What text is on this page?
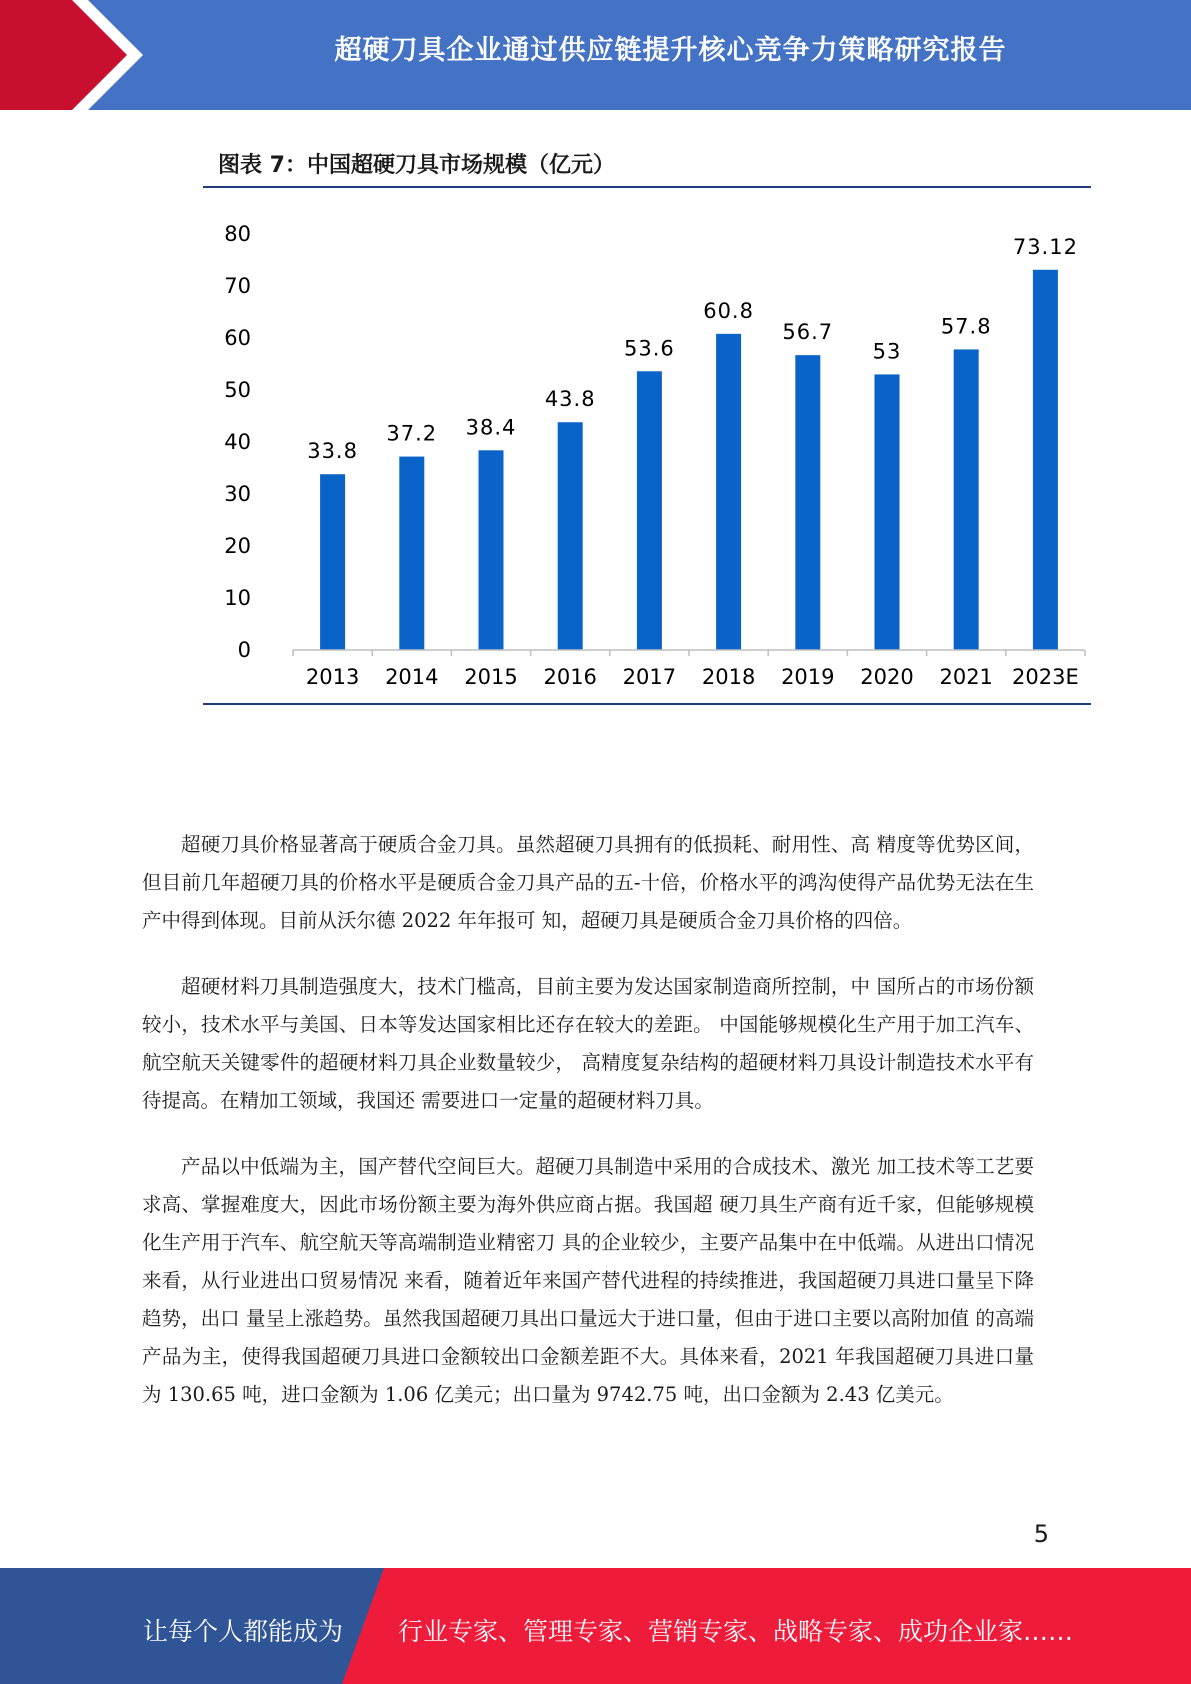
超硬刀具企业通过供应链提升核心竞争力策略研究报告
图表 7：中国超硬刀具市场规模（亿元）
0
10
20
30
40
50
60
70
80
33.8
37.2 38.4
43.8
53.6
60.8
56.7
53
57.8
73.12
2013 2014 2015 2016 2017 2018 2019 2020 2021 2023E

超硬刀具价格显著高于硬质合金刀具。虽然超硬刀具拥有的低损耗、耐用性、高 精度等优势区间，但目前几年超硬刀具的价格水平是硬质合金刀具产品的五-十倍，价格水平的鸿沟使得产品优势无法在生产中得到体现。目前从沃尔德 2022 年年报可 知，超硬刀具是硬质合金刀具价格的四倍。

超硬材料刀具制造强度大，技术门槛高，目前主要为发达国家制造商所控制，中 国所占的市场份额较小，技术水平与美国、日本等发达国家相比还存在较大的差距。 中国能够规模化生产用于加工汽车、航空航天关键零件的超硬材料刀具企业数量较少， 高精度复杂结构的超硬材料刀具设计制造技术水平有待提高。在精加工领域，我国还 需要进口一定量的超硬材料刀具。

产品以中低端为主，国产替代空间巨大。超硬刀具制造中采用的合成技术、激光 加工技术等工艺要求高、掌握难度大，因此市场份额主要为海外供应商占据。我国超 硬刀具生产商有近千家，但能够规模化生产用于汽车、航空航天等高端制造业精密刀 具的企业较少，主要产品集中在中低端。从进出口情况来看，从行业进出口贸易情况 来看，随着近年来国产替代进程的持续推进，我国超硬刀具进口量呈下降趋势，出口 量呈上涨趋势。虽然我国超硬刀具出口量远大于进口量，但由于进口主要以高附加值 的高端产品为主，使得我国超硬刀具进口金额较出口金额差距不大。具体来看，2021 年我国超硬刀具进口量为 130.65 吨，进口金额为 1.06 亿美元；出口量为 9742.75 吨，出口金额为 2.43 亿美元。

5
让每个人都能成为 行业专家、管理专家、营销专家、战略专家、成功企业家……
